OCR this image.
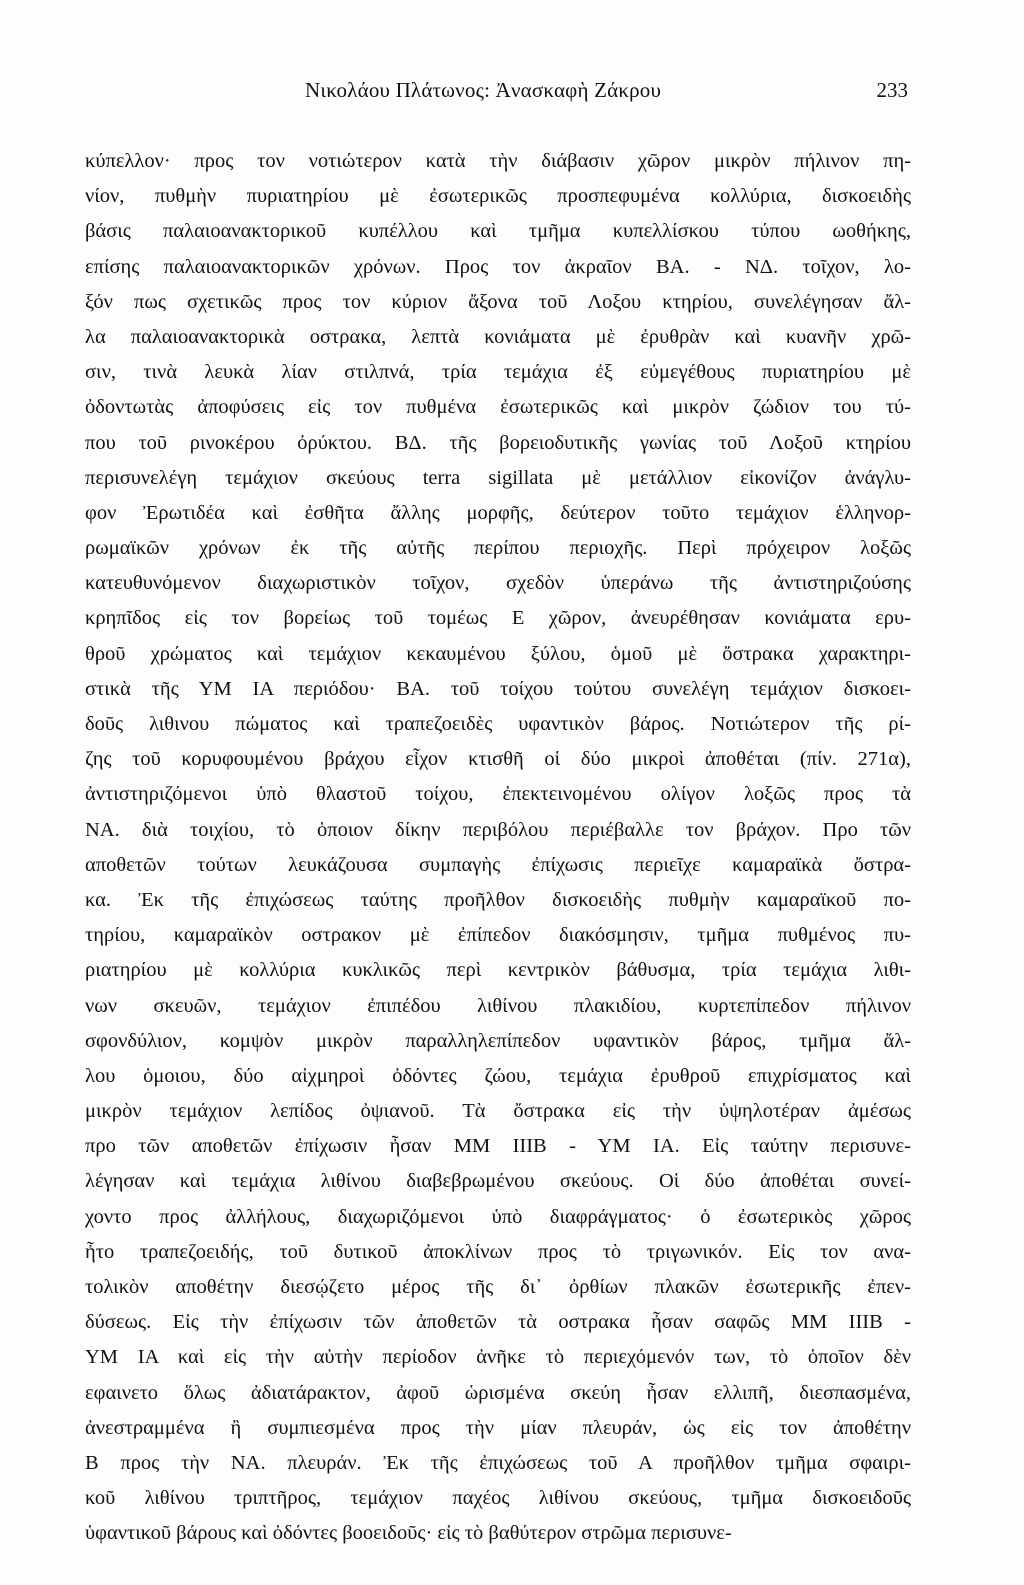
Νικολάου Πλάτωνος: Ἀνασκαφὴ Ζάκρου	233
κύπελλον· προς τον νοτιώτερον κατὰ τὴν διάβασιν χῶρον μικρὸν πήλινον πη-
νίον, πυθμὴν πυριατηρίου μὲ ἐσωτερικῶς προσπεφυμένα κολλύρια, δισκοειδὴς
βάσις παλαιοανακτορικοῦ κυπέλλου καὶ τμῆμα κυπελλίσκου τύπου ωοθήκης,
επίσης παλαιοανακτορικῶν χρόνων. Προς τον ἀκραῖον ΒΑ. - ΝΔ. τοῖχον, λο-
ξόν πως σχετικῶς προς τον κύριον ἄξονα τοῦ Λοξου κτηρίου, συνελέγησαν ἄλ-
λα παλαιοανακτορικὰ οστρακα, λεπτὰ κονιάματα μὲ ἐρυθρὰν καὶ κυανῆν χρῶ-
σιν, τινὰ λευκὰ λίαν στιλπνά, τρία τεμάχια ἐξ εὐμεγέθους πυριατηρίου μὲ
ὀδοντωτὰς ἀποφύσεις εἰς τον πυθμένα ἐσωτερικῶς καὶ μικρὸν ζώδιον του τύ-
που τοῦ ρινοκέρου ὀρύκτου. ΒΔ. τῆς βορειοδυτικῆς γωνίας τοῦ Λοξοῦ κτηρίου
περισυνελέγη τεμάχιον σκεύους terra sigillata μὲ μετάλλιον εἰκονίζον ἀνάγλυ-
φον Ἐρωτιδέα καὶ ἐσθῆτα ἄλλης μορφῆς, δεύτερον τοῦτο τεμάχιον ἑλληνορ-
ρωμαϊκῶν χρόνων ἐκ τῆς αὐτῆς περίπου περιοχῆς. Περὶ πρόχειρον λοξῶς
κατευθυνόμενον διαχωριστικὸν τοῖχον, σχεδὸν ὑπεράνω τῆς ἀντιστηριζούσης
κρηπῖδος εἰς τον βορείως τοῦ τομέως Ε χῶρον, ἀνευρέθησαν κονιάματα ερυ-
θροῦ χρώματος καὶ τεμάχιον κεκαυμένου ξύλου, ὁμοῦ μὲ ὄστρακα χαρακτηρι-
στικὰ τῆς ΥΜ ΙΑ περιόδου· ΒΑ. τοῦ τοίχου τούτου συνελέγη τεμάχιον δισκοει-
δοῦς λιθινου πώματος καὶ τραπεζοειδὲς υφαντικὸν βάρος. Νοτιώτερον τῆς ρί-
ζης τοῦ κορυφουμένου βράχου εἶχον κτισθῆ οἱ δύο μικροὶ ἀποθέται (πίν. 271α),
ἀντιστηριζόμενοι ὑπὸ θλαστοῦ τοίχου, ἐπεκτεινομένου ολίγον λοξῶς προς τὰ
ΝΑ. διὰ τοιχίου, τὸ ὁποιον δίκην περιβόλου περιέβαλλε τον βράχον. Προ τῶν
αποθετῶν τούτων λευκάζουσα συμπαγὴς ἐπίχωσις περιεῖχε καμαραϊκὰ ὄστρα-
κα. Ἐκ τῆς ἐπιχώσεως ταύτης προῆλθον δισκοειδὴς πυθμὴν καμαραϊκοῦ πο-
τηρίου, καμαραϊκὸν οστρακον μὲ ἐπίπεδον διακόσμησιν, τμῆμα πυθμένος πυ-
ριατηρίου μὲ κολλύρια κυκλικῶς περὶ κεντρικὸν βάθυσμα, τρία τεμάχια λιθι-
νων σκευῶν, τεμάχιον ἐπιπέδου λιθίνου πλακιδίου, κυρτεπίπεδον πήλινον
σφονδύλιον, κομψὸν μικρὸν παραλληλεπίπεδον υφαντικὸν βάρος, τμῆμα ἄλ-
λου ὁμοιου, δύο αἰχμηροὶ ὀδόντες ζώου, τεμάχια ἐρυθροῦ επιχρίσματος καὶ
μικρὸν τεμάχιον λεπίδος ὀψιανοῦ. Τὰ ὄστρακα εἰς τὴν ὑψηλοτέραν ἀμέσως
προ τῶν αποθετῶν ἐπίχωσιν ἦσαν ΜΜ ΙΙΙΒ - ΥΜ ΙΑ. Εἰς ταύτην περισυνε-
λέγησαν καὶ τεμάχια λιθίνου διαβεβρωμένου σκεύους. Οἱ δύο ἀποθέται συνεί-
χοντο προς ἀλλήλους, διαχωριζόμενοι ὑπὸ διαφράγματος· ὁ ἐσωτερικὸς χῶρος
ἦτο τραπεζοειδής, τοῦ δυτικοῦ ἀποκλίνων προς τὸ τριγωνικόν. Εἰς τον ανα-
τολικὸν αποθέτην διεσῴζετο μέρος τῆς δι᾽ ὀρθίων πλακῶν ἐσωτερικῆς ἐπεν-
δύσεως. Εἰς τὴν ἐπίχωσιν τῶν ἀποθετῶν τὰ οστρακα ἦσαν σαφῶς ΜΜ ΙΙΙΒ -
ΥΜ ΙΑ καὶ εἰς τὴν αὐτὴν περίοδον ἀνῆκε τὸ περιεχόμενόν των, τὸ ὁποῖον δὲν
εφαινετο ὅλως ἀδιατάρακτον, ἀφοῦ ὡρισμένα σκεύη ἦσαν ελλιπῆ, διεσπασμένα,
ἀνεστραμμένα ἢ συμπιεσμένα προς τὴν μίαν πλευράν, ὡς εἰς τον ἀποθέτην
Β προς τὴν ΝΑ. πλευράν. Ἐκ τῆς ἐπιχώσεως τοῦ Α προῆλθον τμῆμα σφαιρι-
κοῦ λιθίνου τριπτῆρος, τεμάχιον παχέος λιθίνου σκεύους, τμῆμα δισκοειδοῦς
ὑφαντικοῦ βάρους καὶ ὀδόντες βοοειδοῦς· εἰς τὸ βαθύτερον στρῶμα περισυνε-
